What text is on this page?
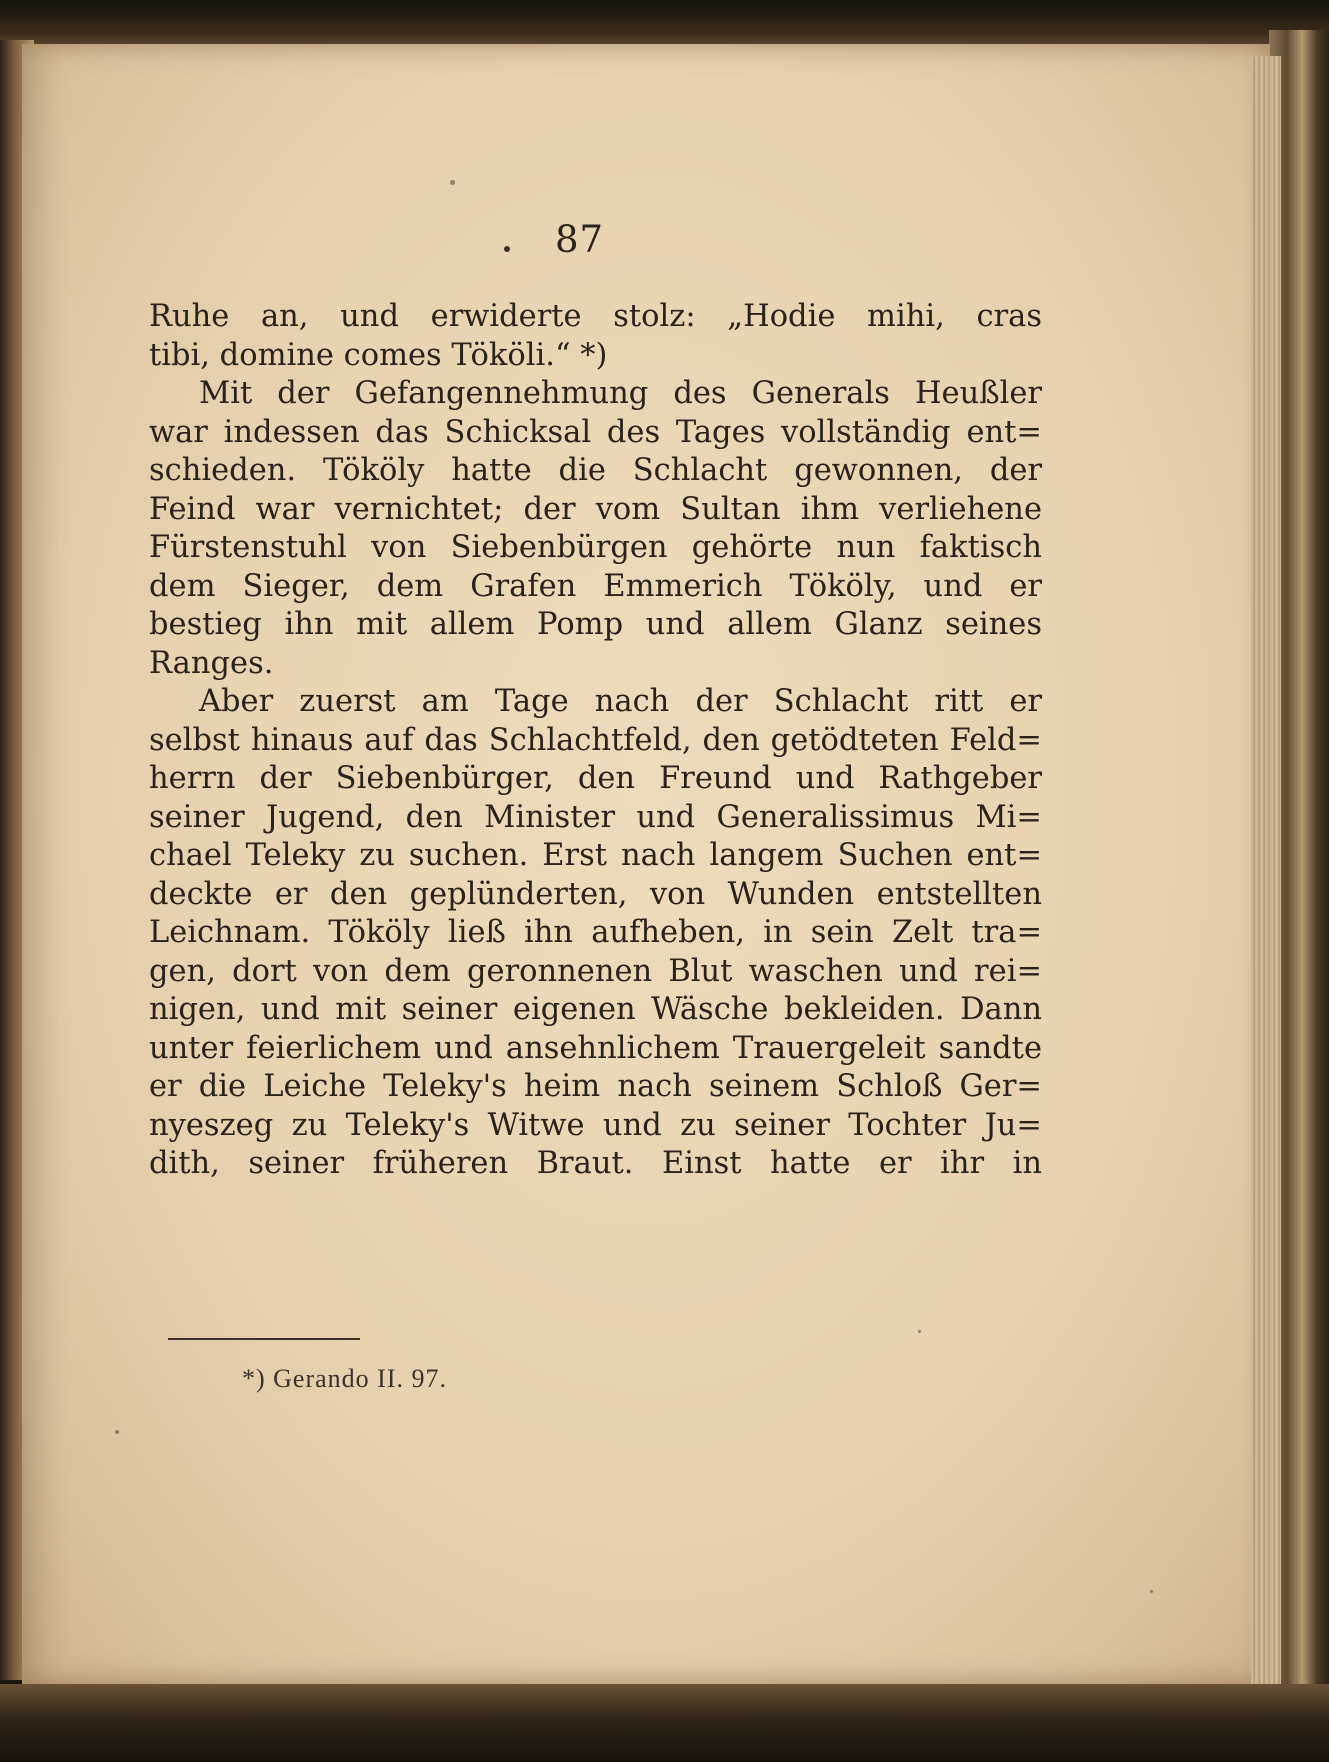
87
Ruhe an, und erwiderte stolz: „Hodie mihi, cras
tibi, domine comes Tököli.“ *)
Mit der Gefangennehmung des Generals Heußler
war indessen das Schicksal des Tages vollständig ent=
schieden. Tököly hatte die Schlacht gewonnen, der
Feind war vernichtet; der vom Sultan ihm verliehene
Fürstenstuhl von Siebenbürgen gehörte nun faktisch
dem Sieger, dem Grafen Emmerich Tököly, und er
bestieg ihn mit allem Pomp und allem Glanz seines
Ranges.
Aber zuerst am Tage nach der Schlacht ritt er
selbst hinaus auf das Schlachtfeld, den getödteten Feld=
herrn der Siebenbürger, den Freund und Rathgeber
seiner Jugend, den Minister und Generalissimus Mi=
chael Teleky zu suchen. Erst nach langem Suchen ent=
deckte er den geplünderten, von Wunden entstellten
Leichnam. Tököly ließ ihn aufheben, in sein Zelt tra=
gen, dort von dem geronnenen Blut waschen und rei=
nigen, und mit seiner eigenen Wäsche bekleiden. Dann
unter feierlichem und ansehnlichem Trauergeleit sandte
er die Leiche Teleky's heim nach seinem Schloß Ger=
nyeszeg zu Teleky's Witwe und zu seiner Tochter Ju=
dith, seiner früheren Braut. Einst hatte er ihr in
*) Gerando II. 97.
